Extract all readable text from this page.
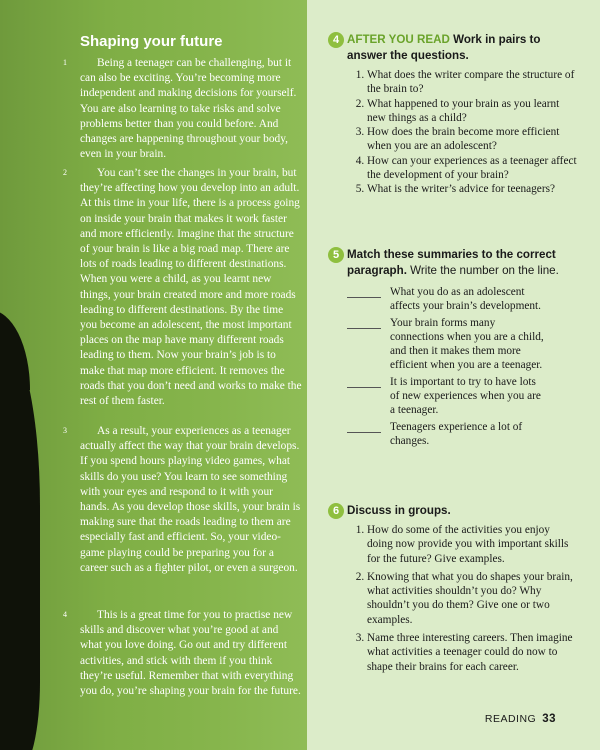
Shaping your future
1	Being a teenager can be challenging, but it can also be exciting. You’re becoming more independent and making decisions for yourself. You are also learning to take risks and solve problems better than you could before. And changes are happening throughout your body, even in your brain.

2	You can’t see the changes in your brain, but they’re affecting how you develop into an adult. At this time in your life, there is a process going on inside your brain that makes it work faster and more efficiently. Imagine that the structure of your brain is like a big road map. There are lots of roads leading to different destinations. When you were a child, as you learnt new things, your brain created more and more roads leading to different destinations. By the time you become an adolescent, the most important places on the map have many different roads leading to them. Now your brain’s job is to make that map more efficient. It removes the roads that you don’t need and works to make the rest of them faster.

3	As a result, your experiences as a teenager actually affect the way that your brain develops. If you spend hours playing video games, what skills do you use? You learn to see something with your eyes and respond to it with your hands. As you develop those skills, your brain is making sure that the roads leading to them are especially fast and efficient. So, your video-game playing could be preparing you for a career such as a fighter pilot, or even a surgeon.

4	This is a great time for you to practise new skills and discover what you’re good at and what you love doing. Go out and try different activities, and stick with them if you think they’re useful. Remember that with everything you do, you’re shaping your brain for the future.

4 AFTER YOU READ Work in pairs to answer the questions.
1. What does the writer compare the structure of the brain to?
2. What happened to your brain as you learnt new things as a child?
3. How does the brain become more efficient when you are an adolescent?
4. How can your experiences as a teenager affect the development of your brain?
5. What is the writer’s advice for teenagers?
5 Match these summaries to the correct paragraph. Write the number on the line.
What you do as an adolescent affects your brain’s development.
Your brain forms many connections when you are a child, and then it makes them more efficient when you are a teenager.
It is important to try to have lots of new experiences when you are a teenager.
Teenagers experience a lot of changes.
6 Discuss in groups.
1. How do some of the activities you enjoy doing now provide you with important skills for the future? Give examples.
2. Knowing that what you do shapes your brain, what activities shouldn’t you do? Why shouldn’t you do them? Give one or two examples.
3. Name three interesting careers. Then imagine what activities a teenager could do now to shape their brains for each career.
READING 33
